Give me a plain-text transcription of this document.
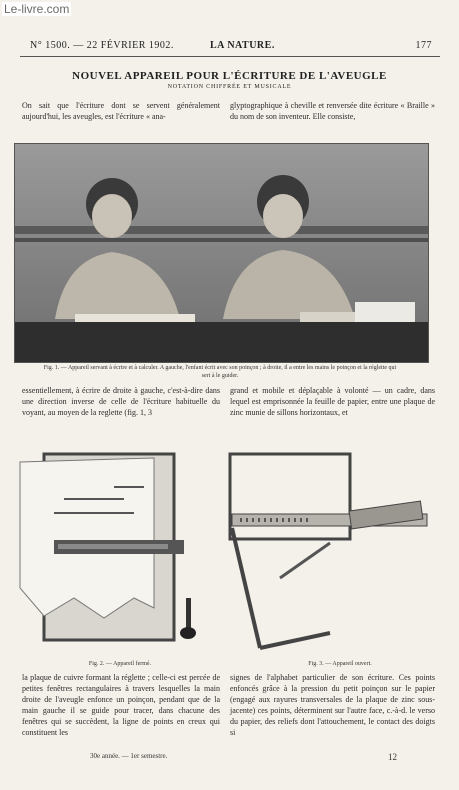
Le-livre.com
N° 1500. — 22 FÉVRIER 1902.	LA NATURE.	177
NOUVEL APPAREIL POUR L'ÉCRITURE DE L'AVEUGLE
NOTATION CHIFFRÉE ET MUSICALE
On sait que l'écriture dont se servent généralement aujourd'hui, les aveugles, est l'écriture « ana-
glyptographique à cheville et renversée dite écriture « Braille » du nom de son inventeur. Elle consiste,
Fig. 1. — Appareil servant à écrire et à calculer. A gauche, l'enfant écrit avec son poinçon ; à droite, il a entre les mains le poinçon et la réglette qui sert à le guider.
essentiellement, à écrire de droite à gauche, c'est-à-dire dans une direction inverse de celle de l'écriture habituelle du voyant, au moyen de la reglette (fig. 1, 3
grand et mobile et déplaçable à volonté — un cadre, dans lequel est emprisonnée la feuille de papier, entre une plaque de zinc munie de sillons horizontaux, et
Fig. 2. — Appareil fermé.	Fig. 3. — Appareil ouvert.
la plaque de cuivre formant la réglette ; celle-ci est percée de petites fenêtres rectangulaires à travers lesquelles la main droite de l'aveugle enfonce un poinçon, pendant que de la main gauche il se guide pour tracer, dans chacune des fenêtres qui se succèdent, la ligne de points en creux qui constituent les
signes de l'alphabet particulier de son écriture. Ces points enfoncés grâce à la pression du petit poinçon sur le papier (engagé aux rayures transversales de la plaque de zinc sous-jacente) ces points, déterminent sur l'autre face, c.-à-d. le verso du papier, des reliefs dont l'attouchement, le contact des doigts si
30e année. — 1er semestre.	12
